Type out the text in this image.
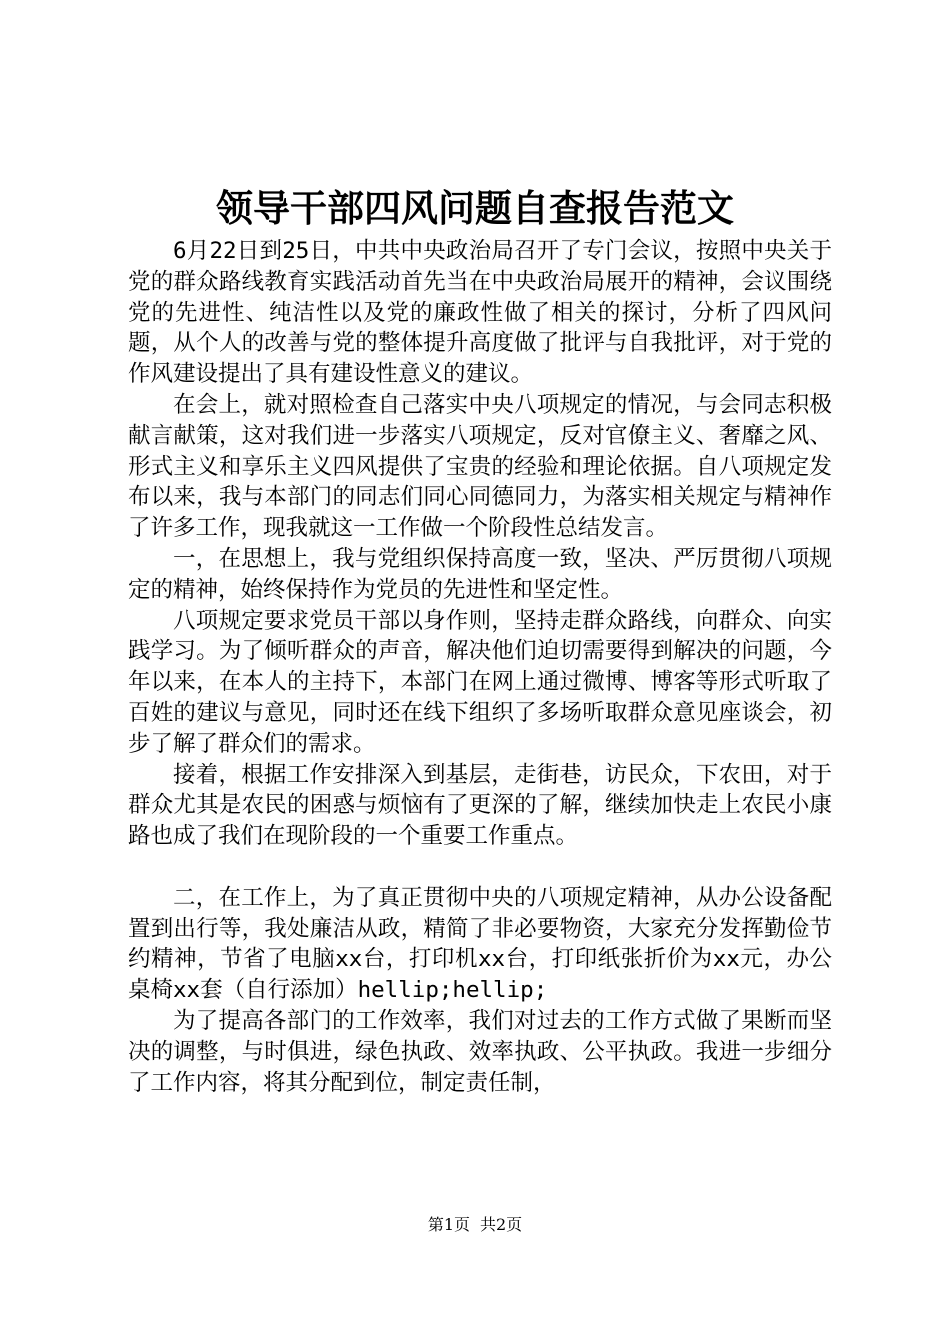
领导干部四风问题自查报告范文

6月22日到25日，中共中央政治局召开了专门会议，按照中央关于党的群众路线教育实践活动首先当在中央政治局展开的精神，会议围绕党的先进性、纯洁性以及党的廉政性做了相关的探讨，分析了四风问题，从个人的改善与党的整体提升高度做了批评与自我批评，对于党的作风建设提出了具有建设性意义的建议。

在会上，就对照检查自己落实中央八项规定的情况，与会同志积极献言献策，这对我们进一步落实八项规定，反对官僚主义、奢靡之风、形式主义和享乐主义四风提供了宝贵的经验和理论依据。自八项规定发布以来，我与本部门的同志们同心同德同力，为落实相关规定与精神作了许多工作，现我就这一工作做一个阶段性总结发言。

一，在思想上，我与党组织保持高度一致，坚决、严厉贯彻八项规定的精神，始终保持作为党员的先进性和坚定性。

八项规定要求党员干部以身作则，坚持走群众路线，向群众、向实践学习。为了倾听群众的声音，解决他们迫切需要得到解决的问题，今年以来，在本人的主持下，本部门在网上通过微博、博客等形式听取了百姓的建议与意见，同时还在线下组织了多场听取群众意见座谈会，初步了解了群众们的需求。

接着，根据工作安排深入到基层，走街巷，访民众，下农田，对于群众尤其是农民的困惑与烦恼有了更深的了解，继续加快走上农民小康路也成了我们在现阶段的一个重要工作重点。

二，在工作上，为了真正贯彻中央的八项规定精神，从办公设备配置到出行等，我处廉洁从政，精简了非必要物资，大家充分发挥勤俭节约精神，节省了电脑xx台，打印机xx台，打印纸张折价为xx元，办公桌椅xx套（自行添加）hellip;hellip;

为了提高各部门的工作效率，我们对过去的工作方式做了果断而坚决的调整，与时俱进，绿色执政、效率执政、公平执政。我进一步细分了工作内容，将其分配到位，制定责任制，

第1页 共2页
